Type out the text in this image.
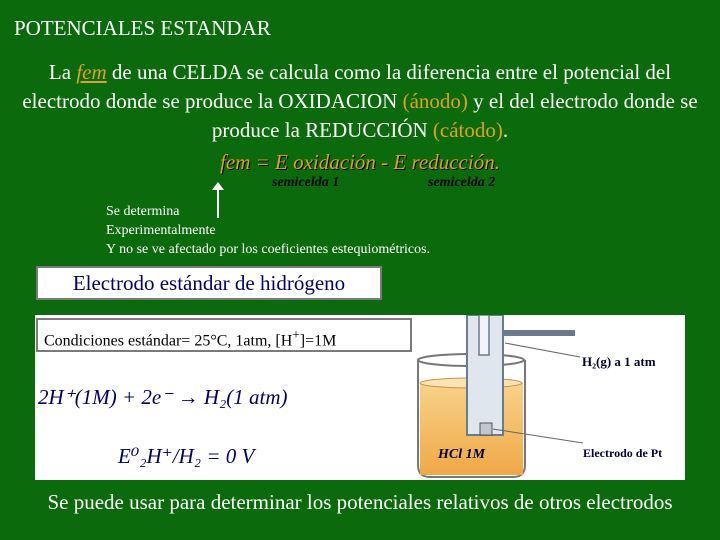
POTENCIALES ESTANDAR
La fem de una CELDA se calcula como la diferencia entre el potencial del electrodo donde se produce la OXIDACION (ánodo) y el del electrodo donde se produce la REDUCCIÓN (cátodo).
fem = E oxidación - E reducción.
semicelda 1	semicelda 2
Se determina
Experimentalmente
Y no se ve afectado por los coeficientes estequiométricos.
Condiciones estándar= 25°C, 1atm, [H+]=1M
Electrodo estándar de hidrógeno
2H⁺(1M) + 2e⁻ → H₂(1 atm)
E⁰₂H⁺/H₂ = 0 V
H₂(g) a 1 atm
Electrodo de Pt
HCl 1M
Se puede usar para determinar los potenciales relativos de otros electrodos
